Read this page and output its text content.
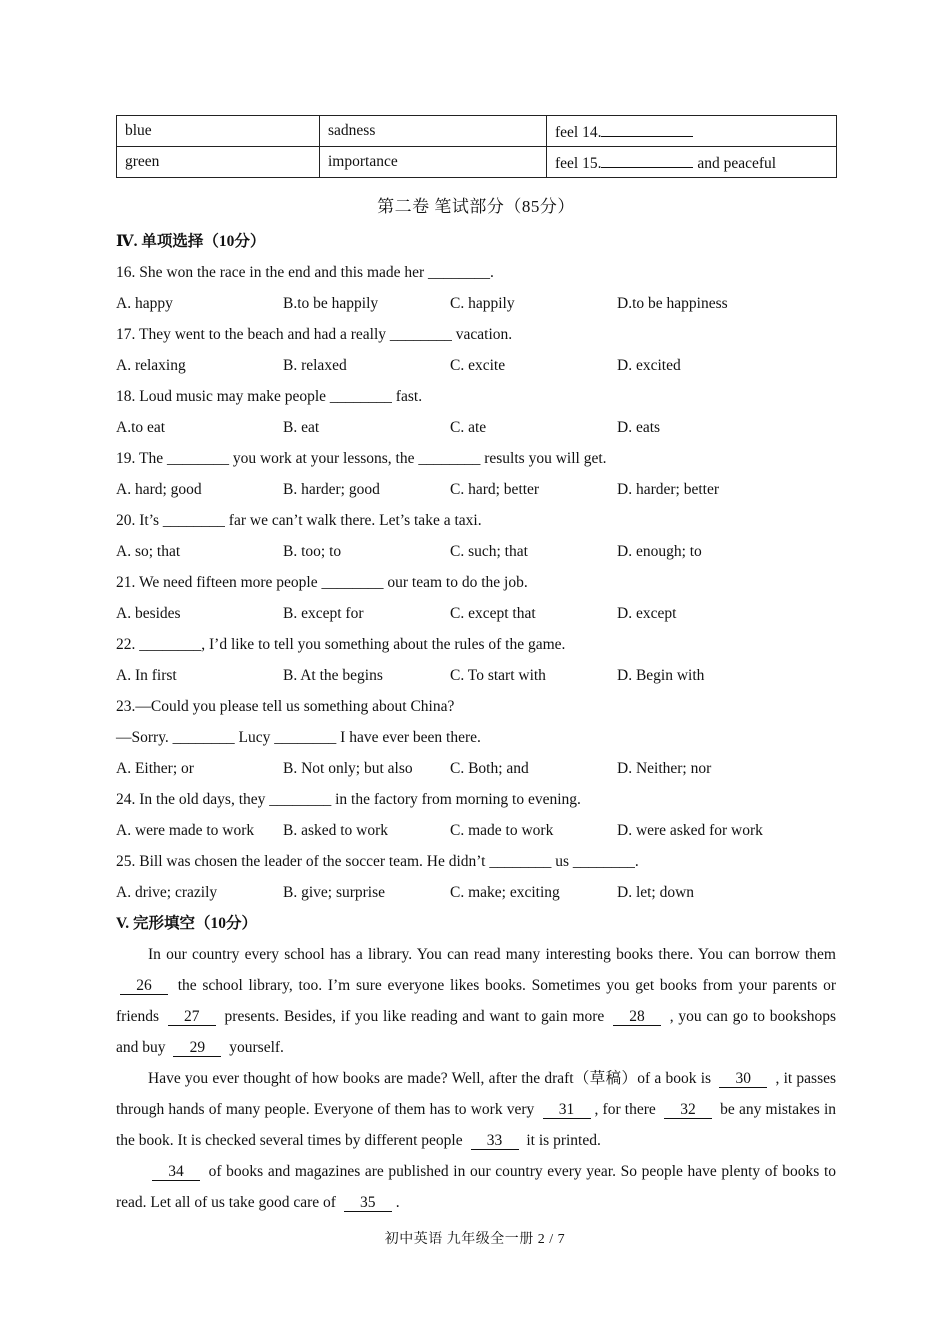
blue	sadness	feel 14.
green	importance	feel 15. and peaceful
第二卷 笔试部分（85分）
Ⅳ. 单项选择（10分）
16. She won the race in the end and this made her ________.
A. happy	B.to be happily	C. happily	D.to be happiness
17. They went to the beach and had a really ________ vacation.
A. relaxing	B. relaxed	C. excite	D. excited
18. Loud music may make people ________ fast.
A.to eat	B. eat	C. ate	D. eats
19. The ________ you work at your lessons, the ________ results you will get.
A. hard; good	B. harder; good	C. hard; better	D. harder; better
20. It’s ________ far we can’t walk there. Let’s take a taxi.
A. so; that	B. too; to	C. such; that	D. enough; to
21. We need fifteen more people ________ our team to do the job.
A. besides	B. except for	C. except that	D. except
22. ________, I’d like to tell you something about the rules of the game.
A. In first	B. At the begins	C. To start with	D. Begin with
23.—Could you please tell us something about China?
—Sorry. ________ Lucy ________ I have ever been there.
A. Either; or	B. Not only; but also	C. Both; and	D. Neither; nor
24. In the old days, they ________ in the factory from morning to evening.
A. were made to work	B. asked to work	C. made to work	D. were asked for work
25. Bill was chosen the leader of the soccer team. He didn’t ________ us ________.
A. drive; crazily	B. give; surprise	C. make; exciting	D. let; down
V. 完形填空（10分）

In our country every school has a library. You can read many interesting books there. You can borrow them 26 the school library, too. I’m sure everyone likes books. Sometimes you get books from your parents or friends 27 presents. Besides, if you like reading and want to gain more 28 , you can go to bookshops and buy 29 yourself.

Have you ever thought of how books are made? Well, after the draft（草稿）of a book is 30 , it passes through hands of many people. Everyone of them has to work very 31 , for there 32 be any mistakes in the book. It is checked several times by different people 33 it is printed.

34 of books and magazines are published in our country every year. So people have plenty of books to read. Let all of us take good care of 35 .

初中英语 九年级全一册 2 / 7
